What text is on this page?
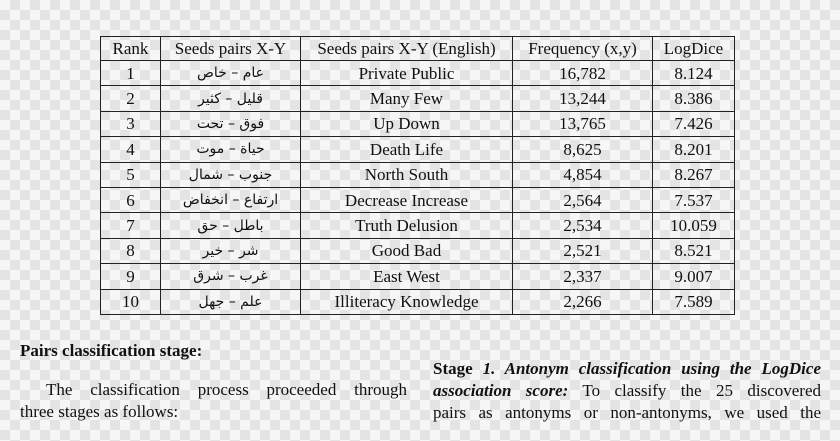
Rank	Seeds pairs X-Y	Seeds pairs X-Y (English)	Frequency (x,y)	LogDice
1	عام – خاص	Private Public	16,782	8.124
2	قليل – كثير	Many Few	13,244	8.386
3	فوق – تحت	Up Down	13,765	7.426
4	حياة – موت	Death Life	8,625	8.201
5	جنوب – شمال	North South	4,854	8.267
6	ارتفاع – انخفاض	Decrease Increase	2,564	7.537
7	باطل – حق	Truth Delusion	2,534	10.059
8	شر – خير	Good Bad	2,521	8.521
9	غرب – شرق	East West	2,337	9.007
10	علم – جهل	Illiteracy Knowledge	2,266	7.589
Pairs classification stage:
The classification process proceeded through
three stages as follows:
Stage 1. Antonym classification using the LogDice
association score: To classify the 25 discovered
pairs as antonyms or non-antonyms, we used the
